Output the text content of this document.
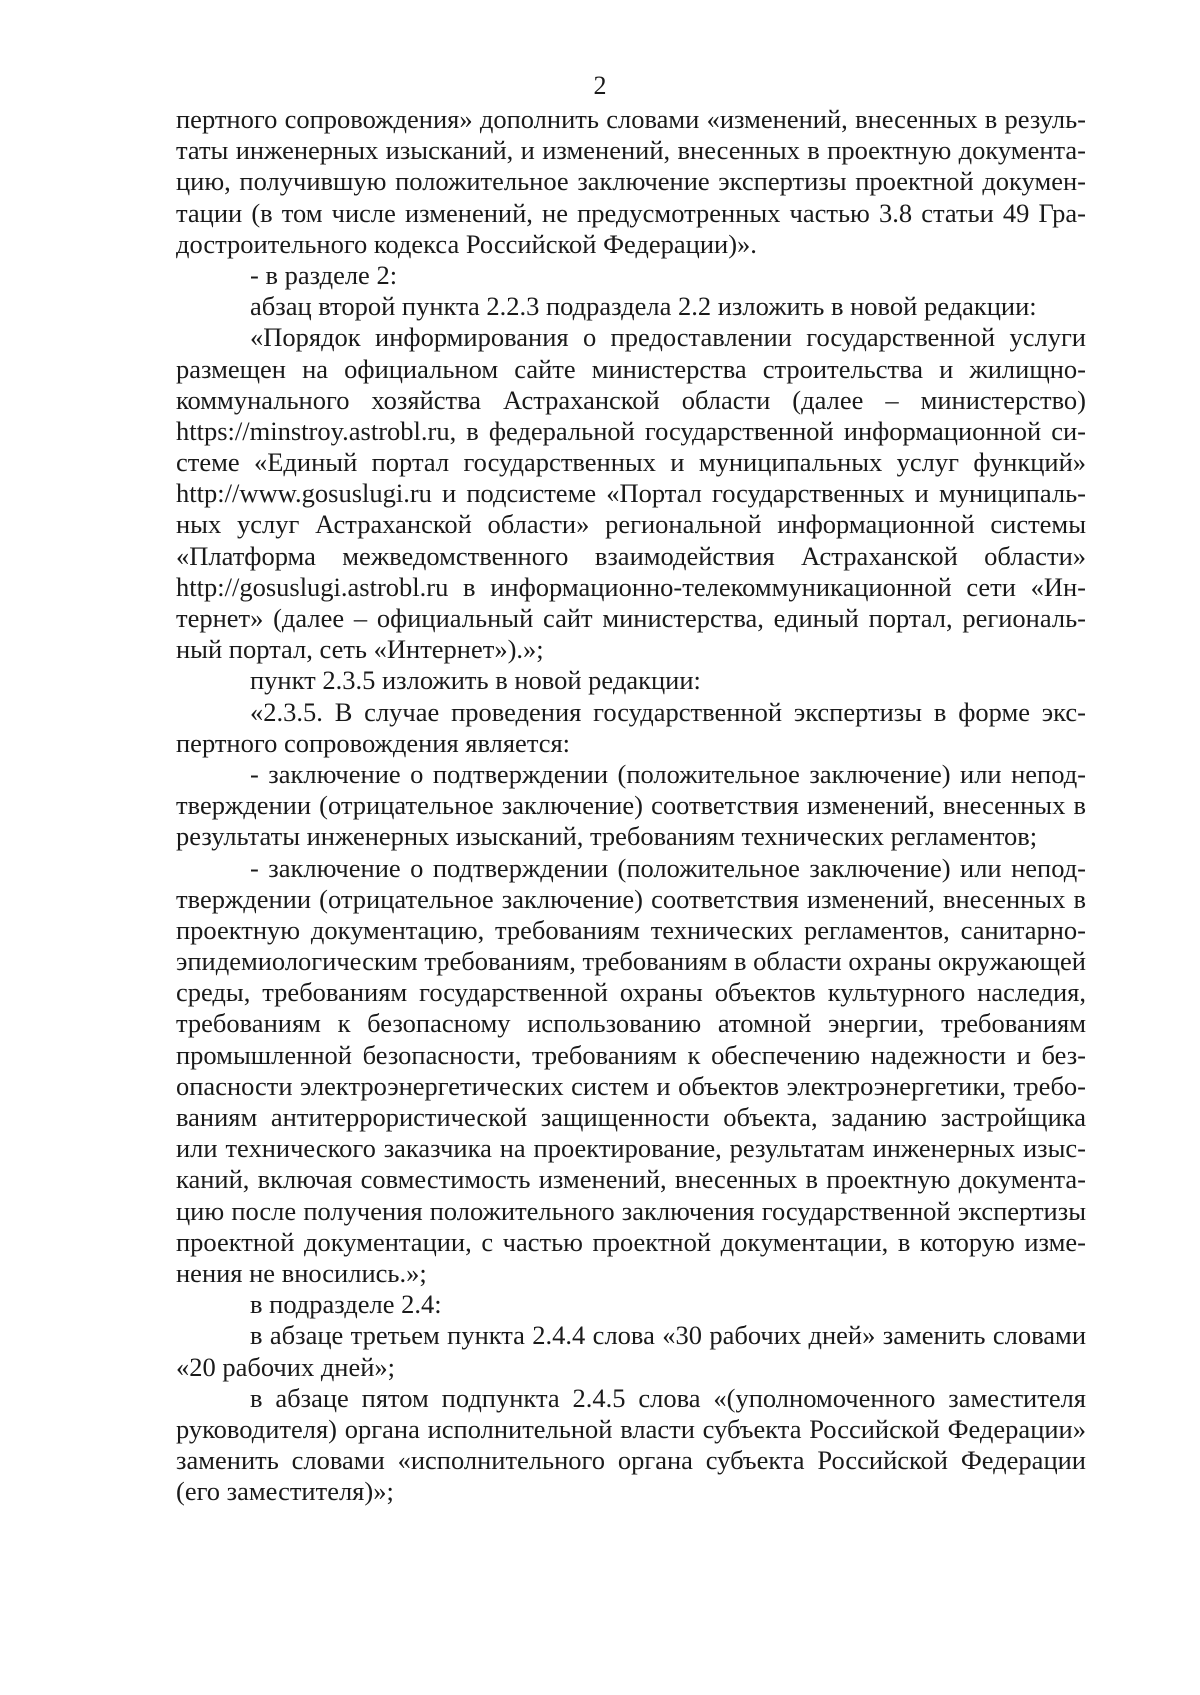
2
пертного сопровождения» дополнить словами «изменений, внесенных в резуль-
таты инженерных изысканий, и изменений, внесенных в проектную документа-
цию, получившую положительное заключение экспертизы проектной докумен-
тации (в том числе изменений, не предусмотренных частью 3.8 статьи 49 Гра-
достроительного кодекса Российской Федерации)».
- в разделе 2:
абзац второй пункта 2.2.3 подраздела 2.2 изложить в новой редакции:
«Порядок информирования о предоставлении государственной услуги
размещен на официальном сайте министерства строительства и жилищно-
коммунального хозяйства Астраханской области (далее – министерство)
https://minstroy.astrobl.ru, в федеральной государственной информационной си-
стеме «Единый портал государственных и муниципальных услуг функций»
http://www.gosuslugi.ru и подсистеме «Портал государственных и муниципаль-
ных услуг Астраханской области» региональной информационной системы
«Платформа межведомственного взаимодействия Астраханской области»
http://gosuslugi.astrobl.ru в информационно-телекоммуникационной сети «Ин-
тернет» (далее – официальный сайт министерства, единый портал, региональ-
ный портал, сеть «Интернет»).»;
пункт 2.3.5 изложить в новой редакции:
«2.3.5. В случае проведения государственной экспертизы в форме экс-
пертного сопровождения является:
- заключение о подтверждении (положительное заключение) или непод-
тверждении (отрицательное заключение) соответствия изменений, внесенных в
результаты инженерных изысканий, требованиям технических регламентов;
- заключение о подтверждении (положительное заключение) или непод-
тверждении (отрицательное заключение) соответствия изменений, внесенных в
проектную документацию, требованиям технических регламентов, санитарно-
эпидемиологическим требованиям, требованиям в области охраны окружающей
среды, требованиям государственной охраны объектов культурного наследия,
требованиям к безопасному использованию атомной энергии, требованиям
промышленной безопасности, требованиям к обеспечению надежности и без-
опасности электроэнергетических систем и объектов электроэнергетики, требо-
ваниям антитеррористической защищенности объекта, заданию застройщика
или технического заказчика на проектирование, результатам инженерных изыс-
каний, включая совместимость изменений, внесенных в проектную документа-
цию после получения положительного заключения государственной экспертизы
проектной документации, с частью проектной документации, в которую изме-
нения не вносились.»;
в подразделе 2.4:
в абзаце третьем пункта 2.4.4 слова «30 рабочих дней» заменить словами
«20 рабочих дней»;
в абзаце пятом подпункта 2.4.5 слова «(уполномоченного заместителя
руководителя) органа исполнительной власти субъекта Российской Федерации»
заменить словами «исполнительного органа субъекта Российской Федерации
(его заместителя)»;
